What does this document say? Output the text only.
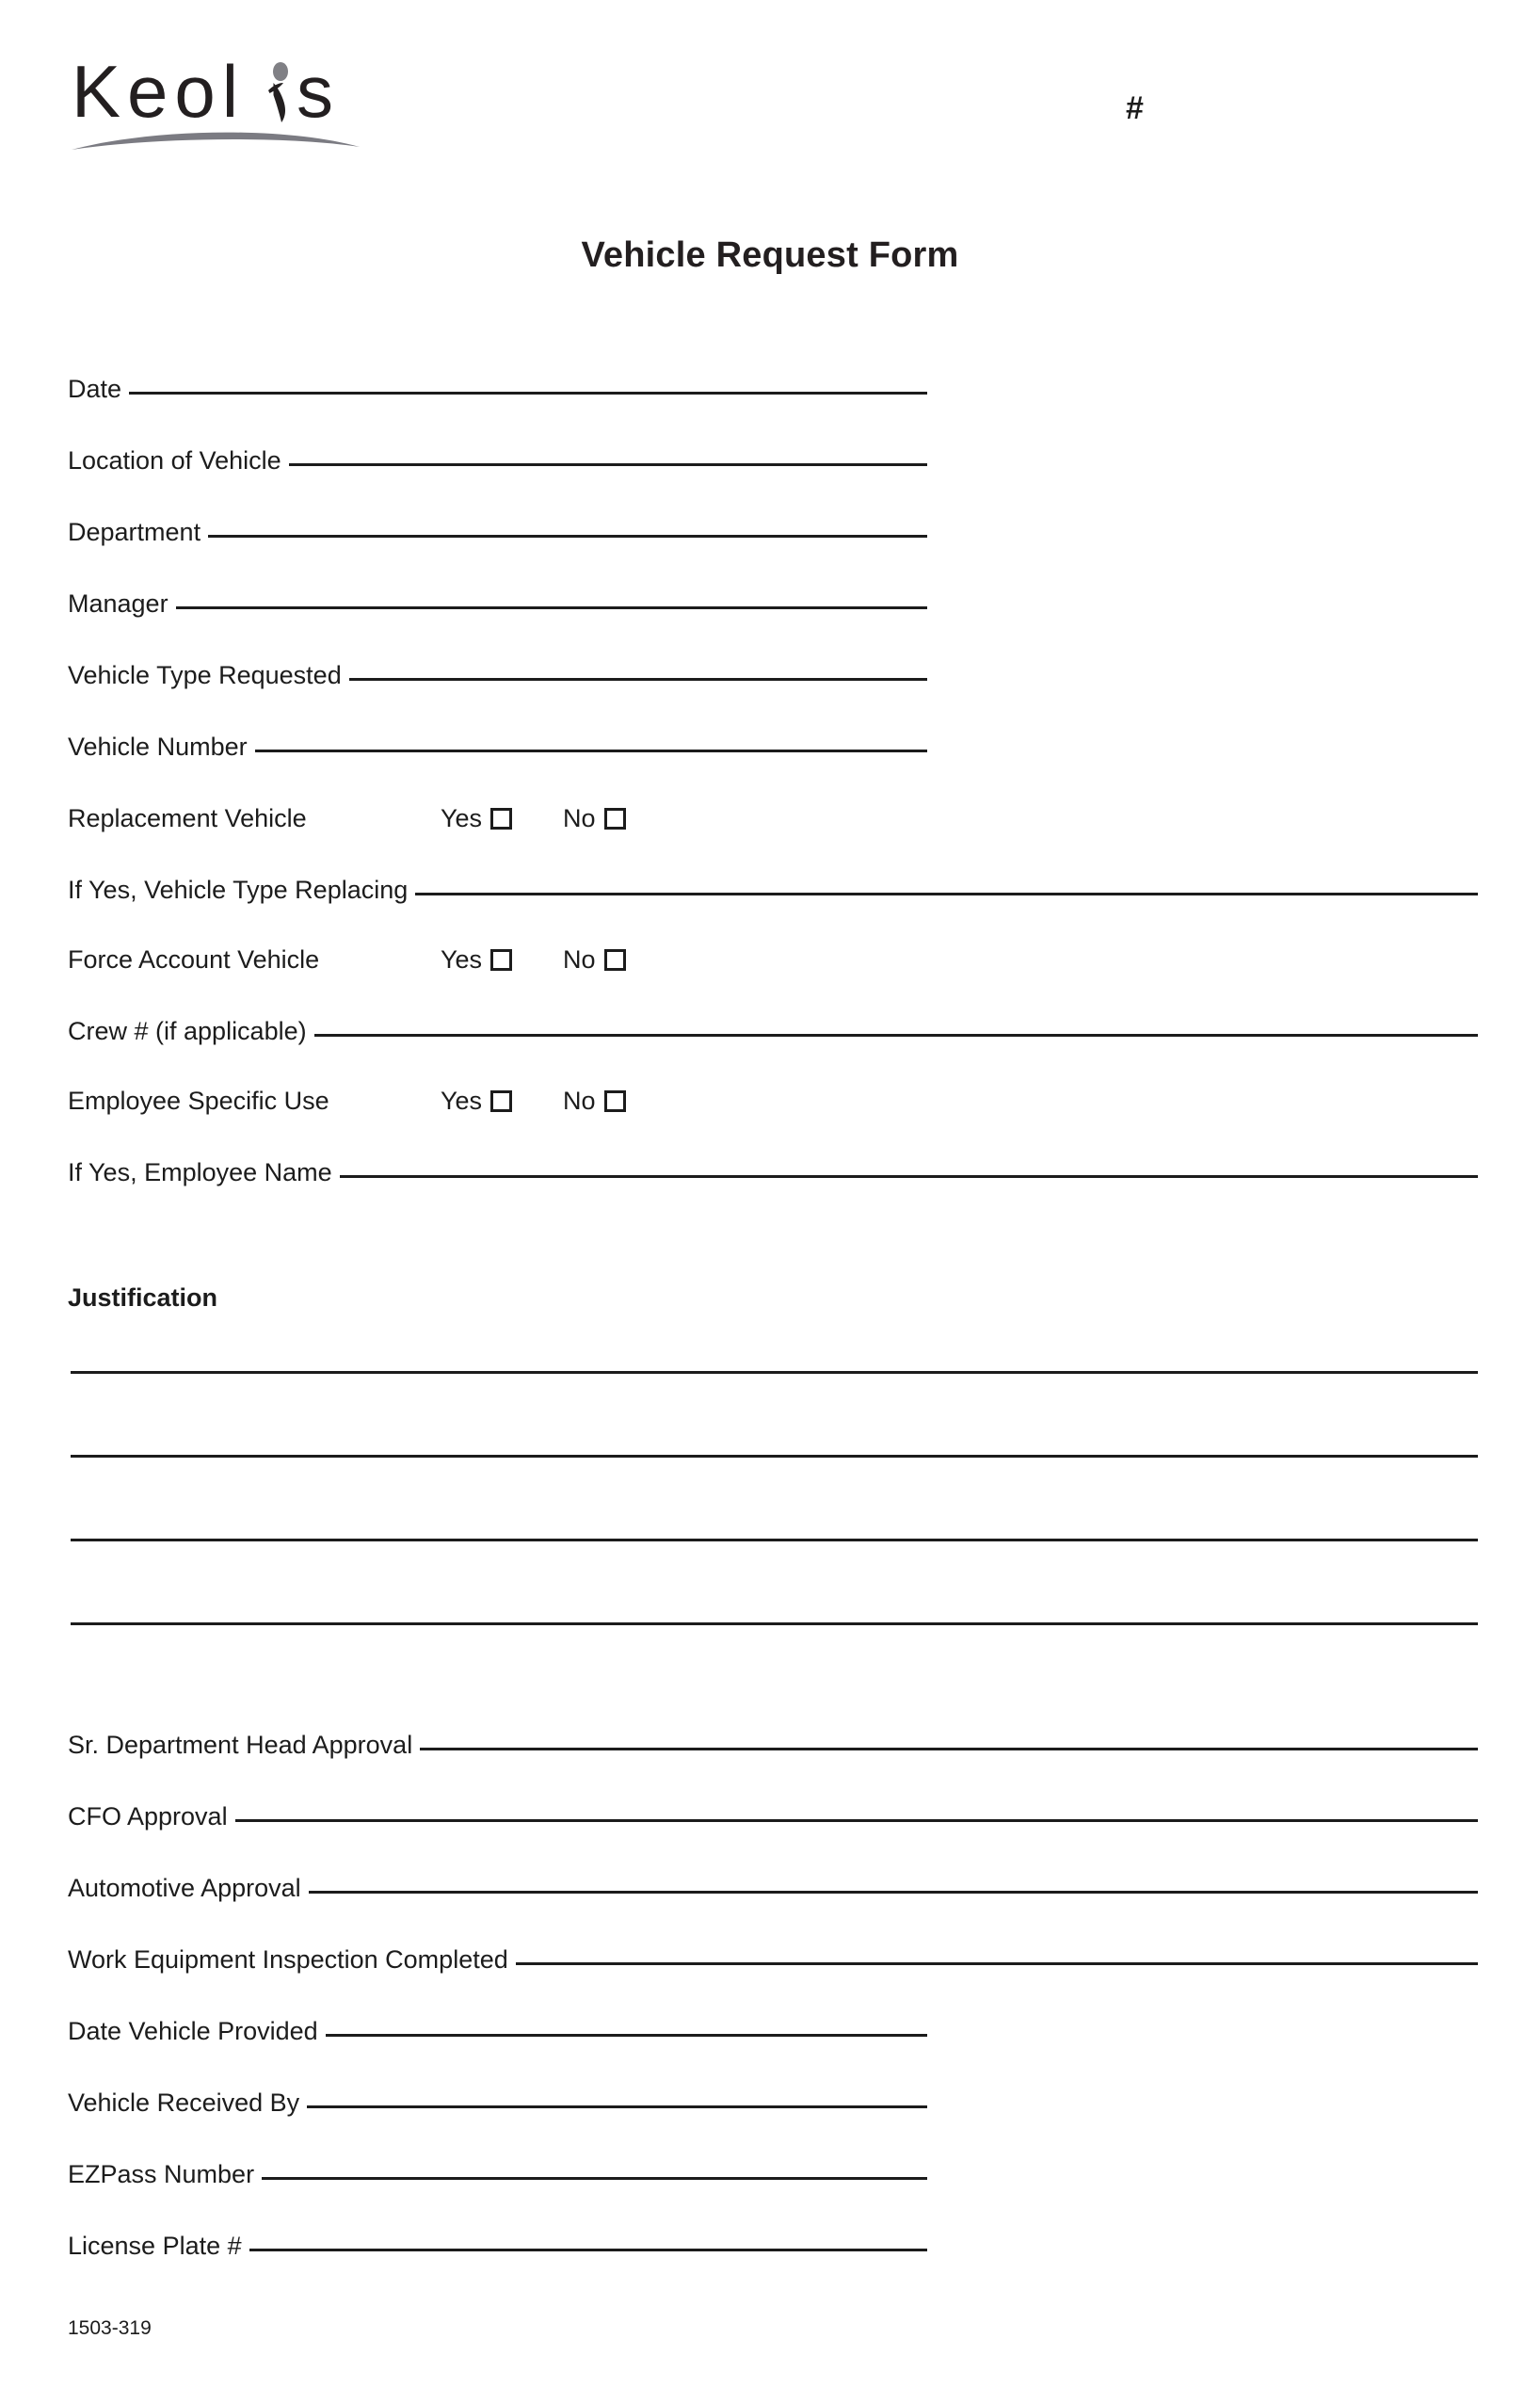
Keol s	#
Vehicle Request Form
Date
Location of Vehicle
Department
Manager
Vehicle Type Requested
Vehicle Number
If Yes, Vehicle Type Replacing
Crew # (if applicable)
If Yes, Employee Name
Sr. Department Head Approval
CFO Approval
Automotive Approval
Work Equipment Inspection Completed
Date Vehicle Provided
Vehicle Received By
EZPass Number
License Plate #
Replacement Vehicle	Yes	No
Force Account Vehicle	Yes	No
Employee Specific Use	Yes	No
Justification
1503-319
